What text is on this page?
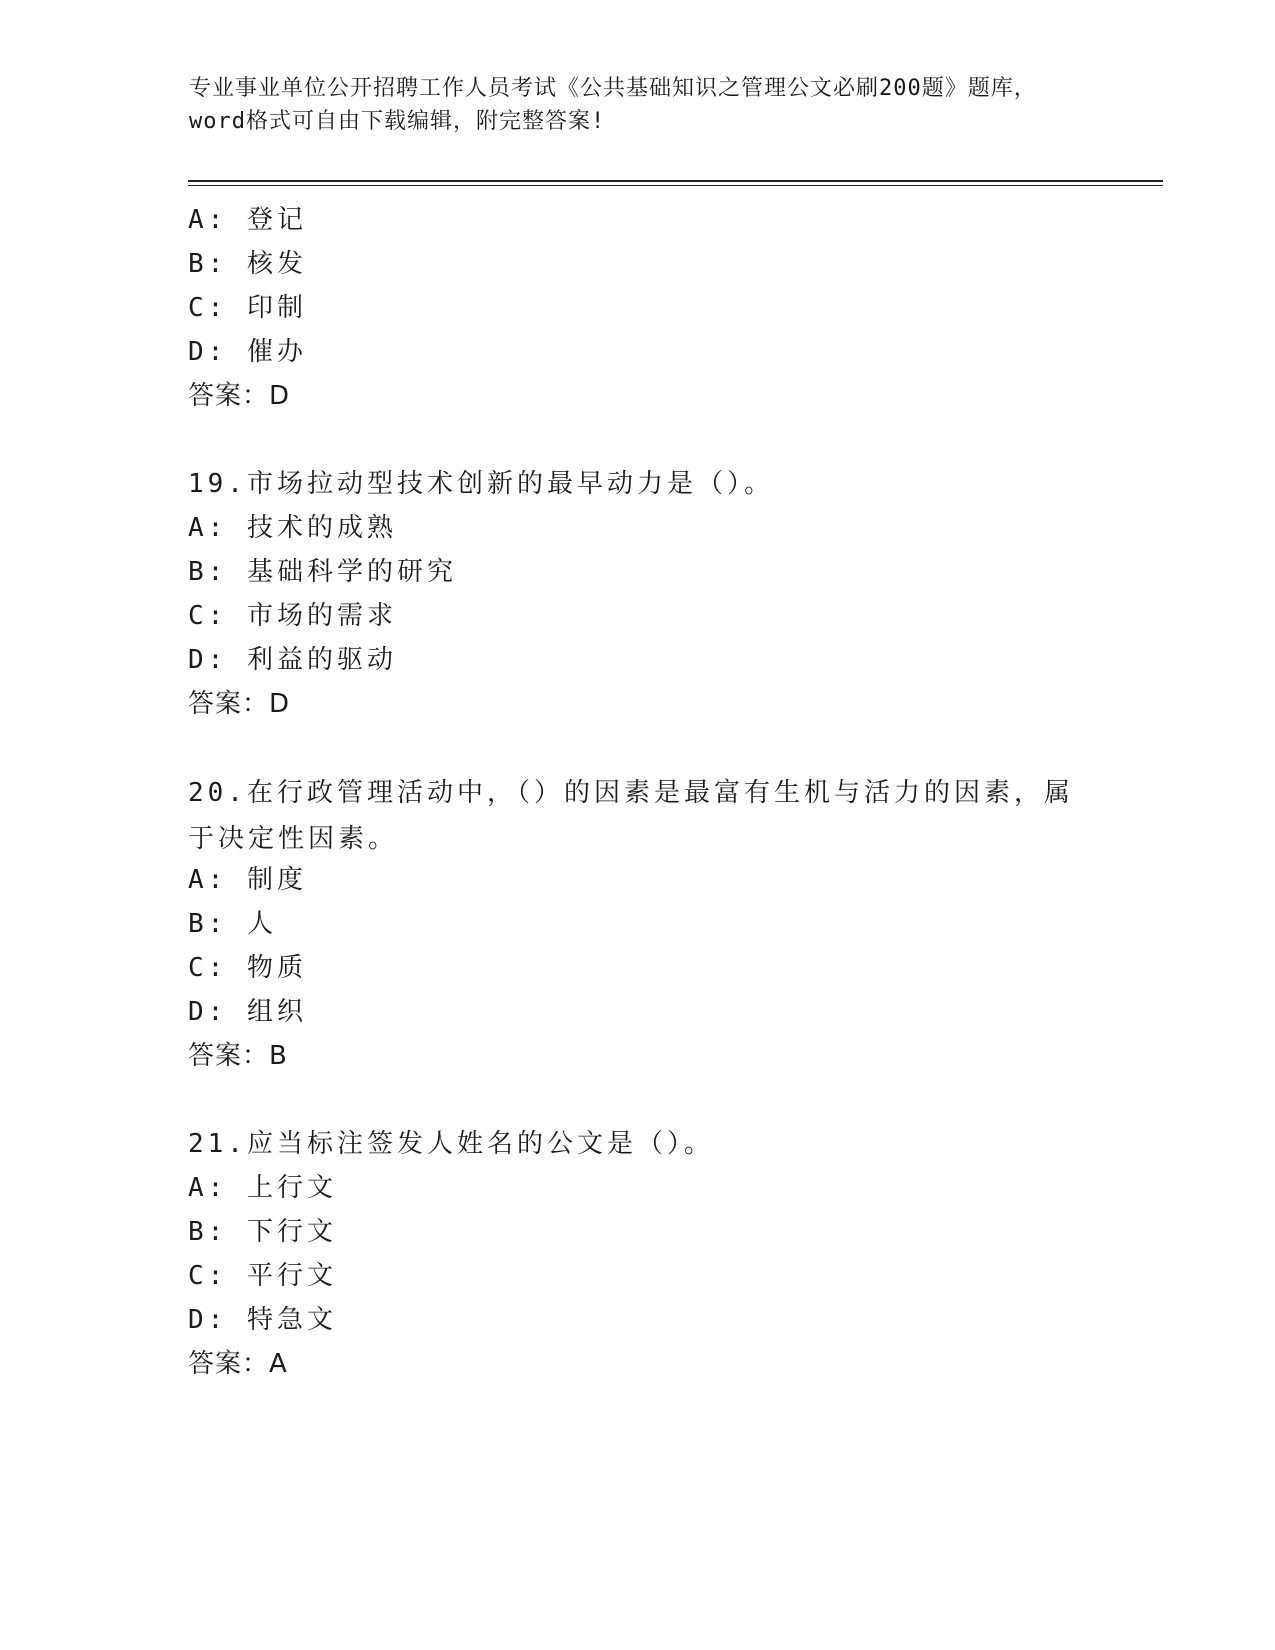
专业事业单位公开招聘工作人员考试《公共基础知识之管理公文必刷200题》题库，word格式可自由下载编辑，附完整答案!
A: 登记
B: 核发
C: 印制
D: 催办
答案：D
19.市场拉动型技术创新的最早动力是（）。
A: 技术的成熟
B: 基础科学的研究
C: 市场的需求
D: 利益的驱动
答案：D
20.在行政管理活动中，（）的因素是最富有生机与活力的因素，属于决定性因素。
A: 制度
B: 人
C: 物质
D: 组织
答案：B
21.应当标注签发人姓名的公文是（）。
A: 上行文
B: 下行文
C: 平行文
D: 特急文
答案：A
